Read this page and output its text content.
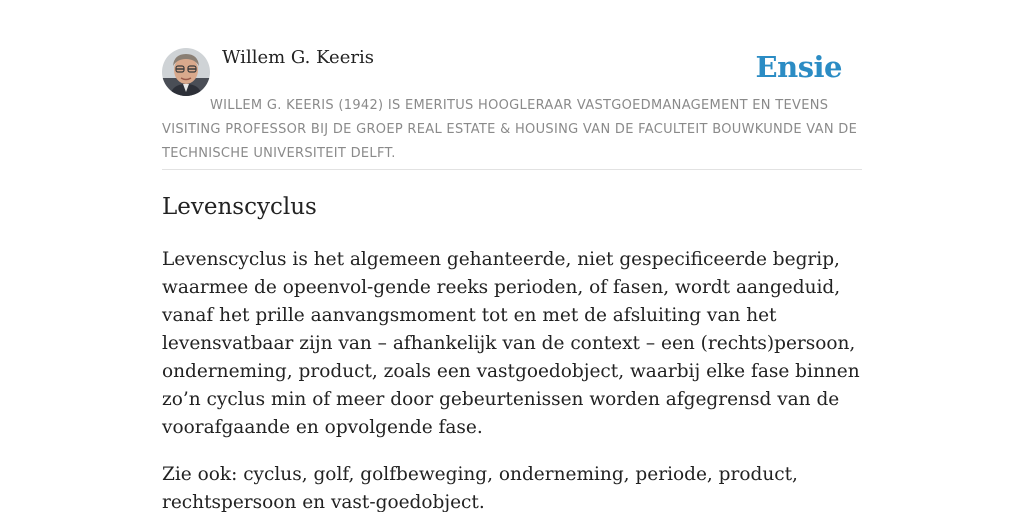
Willem G. Keeris	Ensie
WILLEM G. KEERIS (1942) IS EMERITUS HOOGLERAAR VASTGOEDMANAGEMENT EN TEVENS VISITING PROFESSOR BIJ DE GROEP REAL ESTATE & HOUSING VAN DE FACULTEIT BOUWKUNDE VAN DE TECHNISCHE UNIVERSITEIT DELFT.
Levenscyclus

Levenscyclus is het algemeen gehanteerde, niet gespecificeerde begrip, waarmee de opeenvol-gende reeks perioden, of fasen, wordt aangeduid, vanaf het prille aanvangsmoment tot en met de afsluiting van het levensvatbaar zijn van – afhankelijk van de context – een (rechts)persoon, onderneming, product, zoals een vastgoedobject, waarbij elke fase binnen zo’n cyclus min of meer door gebeurtenissen worden afgegrensd van de voorafgaande en opvolgende fase.

Zie ook: cyclus, golf, golfbeweging, onderneming, periode, product, rechtspersoon en vast-goedobject.
